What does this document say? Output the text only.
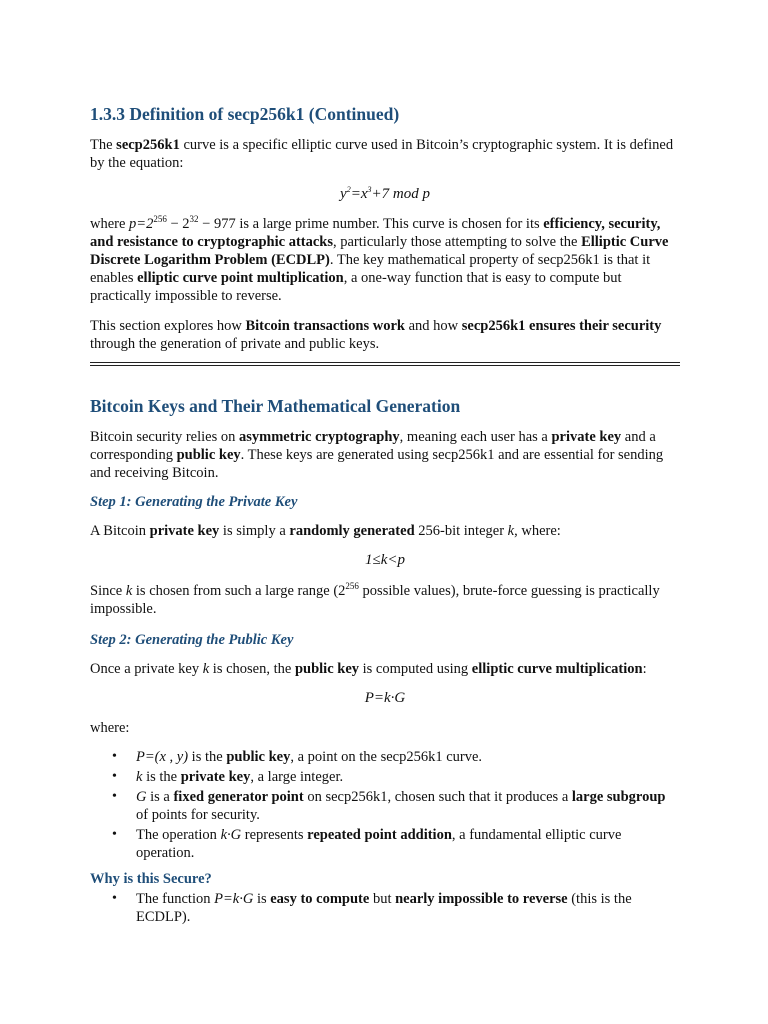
1.3.3 Definition of secp256k1 (Continued)

The secp256k1 curve is a specific elliptic curve used in Bitcoin’s cryptographic system. It is defined by the equation:

$y^2=x^3+7$ mod p

where $p=2^{256} - 2^{32} - 977$ is a large prime number. This curve is chosen for its efficiency, security, and resistance to cryptographic attacks, particularly those attempting to solve the Elliptic Curve Discrete Logarithm Problem (ECDLP). The key mathematical property of secp256k1 is that it enables elliptic curve point multiplication, a one-way function that is easy to compute but practically impossible to reverse.

This section explores how Bitcoin transactions work and how secp256k1 ensures their security through the generation of private and public keys.

Bitcoin Keys and Their Mathematical Generation

Bitcoin security relies on asymmetric cryptography, meaning each user has a private key and a corresponding public key. These keys are generated using secp256k1 and are essential for sending and receiving Bitcoin.

Step 1: Generating the Private Key

A Bitcoin private key is simply a randomly generated 256-bit integer k, where:

1≤k<p

Since k is chosen from such a large range ($2^{256}$ possible values), brute-force guessing is practically impossible.

Step 2: Generating the Public Key

Once a private key k is chosen, the public key is computed using elliptic curve multiplication:

P=k·G

where:

• P=(x , y) is the public key, a point on the secp256k1 curve.
• k is the private key, a large integer.
• G is a fixed generator point on secp256k1, chosen such that it produces a large subgroup of points for security.
• The operation k·G represents repeated point addition, a fundamental elliptic curve operation.
Why is this Secure?
• The function P=k·G is easy to compute but nearly impossible to reverse (this is the ECDLP).
